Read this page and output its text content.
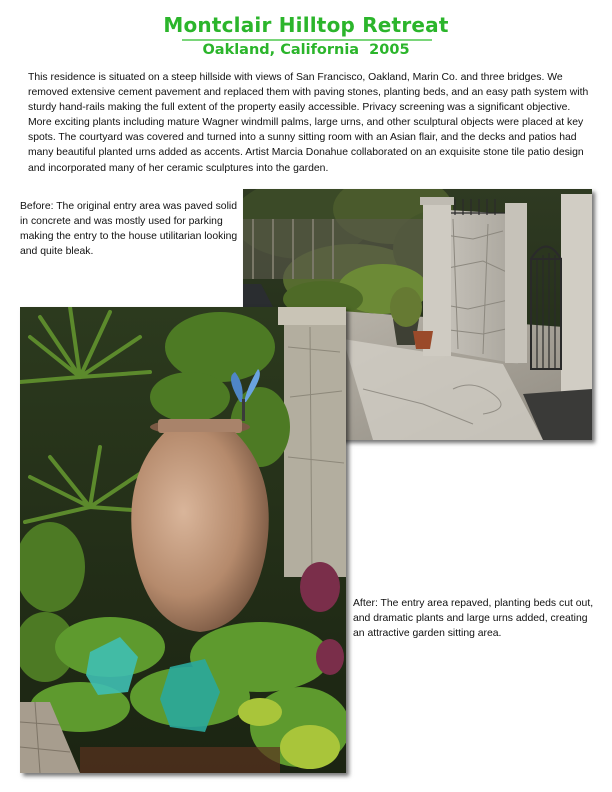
Montclair Hilltop Retreat
Oakland, California  2005

This residence is situated on a steep hillside with views of San Francisco, Oakland, Marin Co. and three bridges. We removed extensive cement pavement and replaced them with paving stones, planting beds, and an easy path system with sturdy hand-rails making the full extent of the property easily accessible. Privacy screening was a significant objective. More exciting plants including mature Wagner windmill palms, large urns, and other sculptural objects were placed at key spots. The courtyard was covered and turned into a sunny sitting room with an Asian flair, and the decks and patios had many beautiful planted urns added as accents. Artist Marcia Donahue collaborated on an exquisite stone tile patio design and incorporated many of her ceramic sculptures into the garden.

Before: The original entry area was paved solid in concrete and was mostly used for parking making the entry to the house utilitarian looking and quite bleak.

After: The entry area repaved, planting beds cut out, and dramatic plants and large urns added, creating an attractive garden sitting area.
